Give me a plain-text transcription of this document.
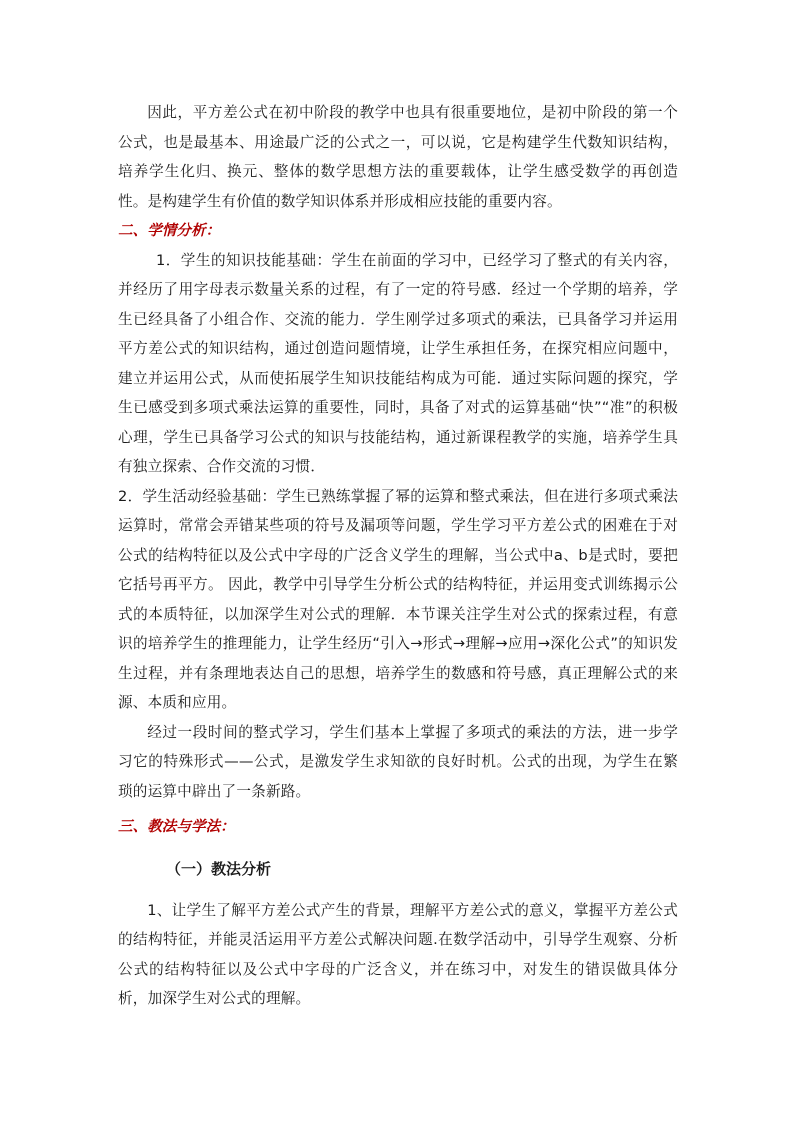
因此，平方差公式在初中阶段的教学中也具有很重要地位，是初中阶段的第一个公式，也是最基本、用途最广泛的公式之一，可以说，它是构建学生代数知识结构，培养学生化归、换元、整体的数学思想方法的重要载体，让学生感受数学的再创造性。是构建学生有价值的数学知识体系并形成相应技能的重要内容。

二、学情分析：

1．学生的知识技能基础：学生在前面的学习中，已经学习了整式的有关内容，并经历了用字母表示数量关系的过程，有了一定的符号感．经过一个学期的培养，学生已经具备了小组合作、交流的能力．学生刚学过多项式的乘法，已具备学习并运用平方差公式的知识结构，通过创造问题情境，让学生承担任务，在探究相应问题中，建立并运用公式，从而使拓展学生知识技能结构成为可能．通过实际问题的探究，学生已感受到多项式乘法运算的重要性，同时，具备了对式的运算基础“快”“准”的积极心理，学生已具备学习公式的知识与技能结构，通过新课程教学的实施，培养学生具有独立探索、合作交流的习惯．

2．学生活动经验基础：学生已熟练掌握了幂的运算和整式乘法，但在进行多项式乘法运算时，常常会弄错某些项的符号及漏项等问题，学生学习平方差公式的困难在于对公式的结构特征以及公式中字母的广泛含义学生的理解，当公式中a、b是式时，要把它括号再平方。 因此，教学中引导学生分析公式的结构特征，并运用变式训练揭示公式的本质特征，以加深学生对公式的理解．本节课关注学生对公式的探索过程，有意识的培养学生的推理能力，让学生经历“引入→形式→理解→应用→深化公式”的知识发生过程，并有条理地表达自己的思想，培养学生的数感和符号感，真正理解公式的来源、本质和应用。

经过一段时间的整式学习，学生们基本上掌握了多项式的乘法的方法，进一步学习它的特殊形式——公式，是激发学生求知欲的良好时机。公式的出现，为学生在繁琐的运算中辟出了一条新路。

三、教法与学法：
（一）教法分析

1、让学生了解平方差公式产生的背景，理解平方差公式的意义，掌握平方差公式的结构特征，并能灵活运用平方差公式解决问题.在数学活动中，引导学生观察、分析公式的结构特征以及公式中字母的广泛含义，并在练习中，对发生的错误做具体分析，加深学生对公式的理解。
